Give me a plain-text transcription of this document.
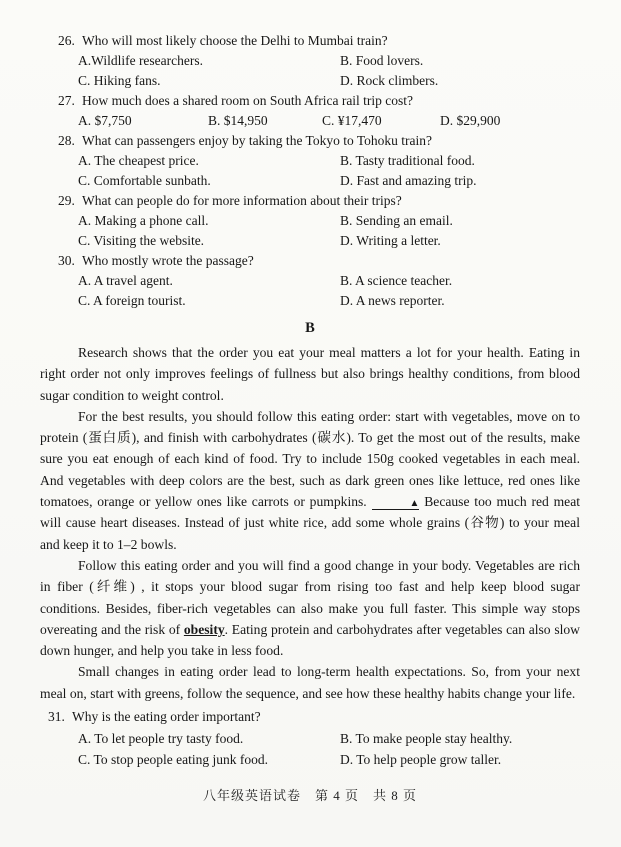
26. Who will most likely choose the Delhi to Mumbai train?
A.Wildlife researchers.	B. Food lovers.
C. Hiking fans.	D. Rock climbers.
27. How much does a shared room on South Africa rail trip cost?
A. $7,750	B. $14,950	C. ¥17,470	D. $29,900
28. What can passengers enjoy by taking the Tokyo to Tohoku train?
A. The cheapest price.	B. Tasty traditional food.
C. Comfortable sunbath.	D. Fast and amazing trip.
29. What can people do for more information about their trips?
A. Making a phone call.	B. Sending an email.
C. Visiting the website.	D. Writing a letter.
30. Who mostly wrote the passage?
A. A travel agent.	B. A science teacher.
C. A foreign tourist.	D. A news reporter.
B

Research shows that the order you eat your meal matters a lot for your health. Eating in right order not only improves feelings of fullness but also brings healthy conditions, from blood sugar condition to weight control.

For the best results, you should follow this eating order: start with vegetables, move on to protein (蛋白质), and finish with carbohydrates (碳水). To get the most out of the results, make sure you eat enough of each kind of food. Try to include 150g cooked vegetables in each meal. And vegetables with deep colors are the best, such as dark green ones like lettuce, red ones like tomatoes, orange or yellow ones like carrots or pumpkins.	▲ Because too much red meat will cause heart diseases. Instead of just white rice, add some whole grains (谷物) to your meal and keep it to 1–2 bowls.

Follow this eating order and you will find a good change in your body. Vegetables are rich in fiber (纤维) , it stops your blood sugar from rising too fast and help keep blood sugar conditions. Besides, fiber-rich vegetables can also make you full faster. This simple way stops overeating and the risk of obesity. Eating protein and carbohydrates after vegetables can also slow down hunger, and help you take in less food.

Small changes in eating order lead to long-term health expectations. So, from your next meal on, start with greens, follow the sequence, and see how these healthy habits change your life.

31. Why is the eating order important?
A. To let people try tasty food.	B. To make people stay healthy.
C. To stop people eating junk food.	D. To help people grow taller.
八年级英语试卷　第 4 页　共 8 页
